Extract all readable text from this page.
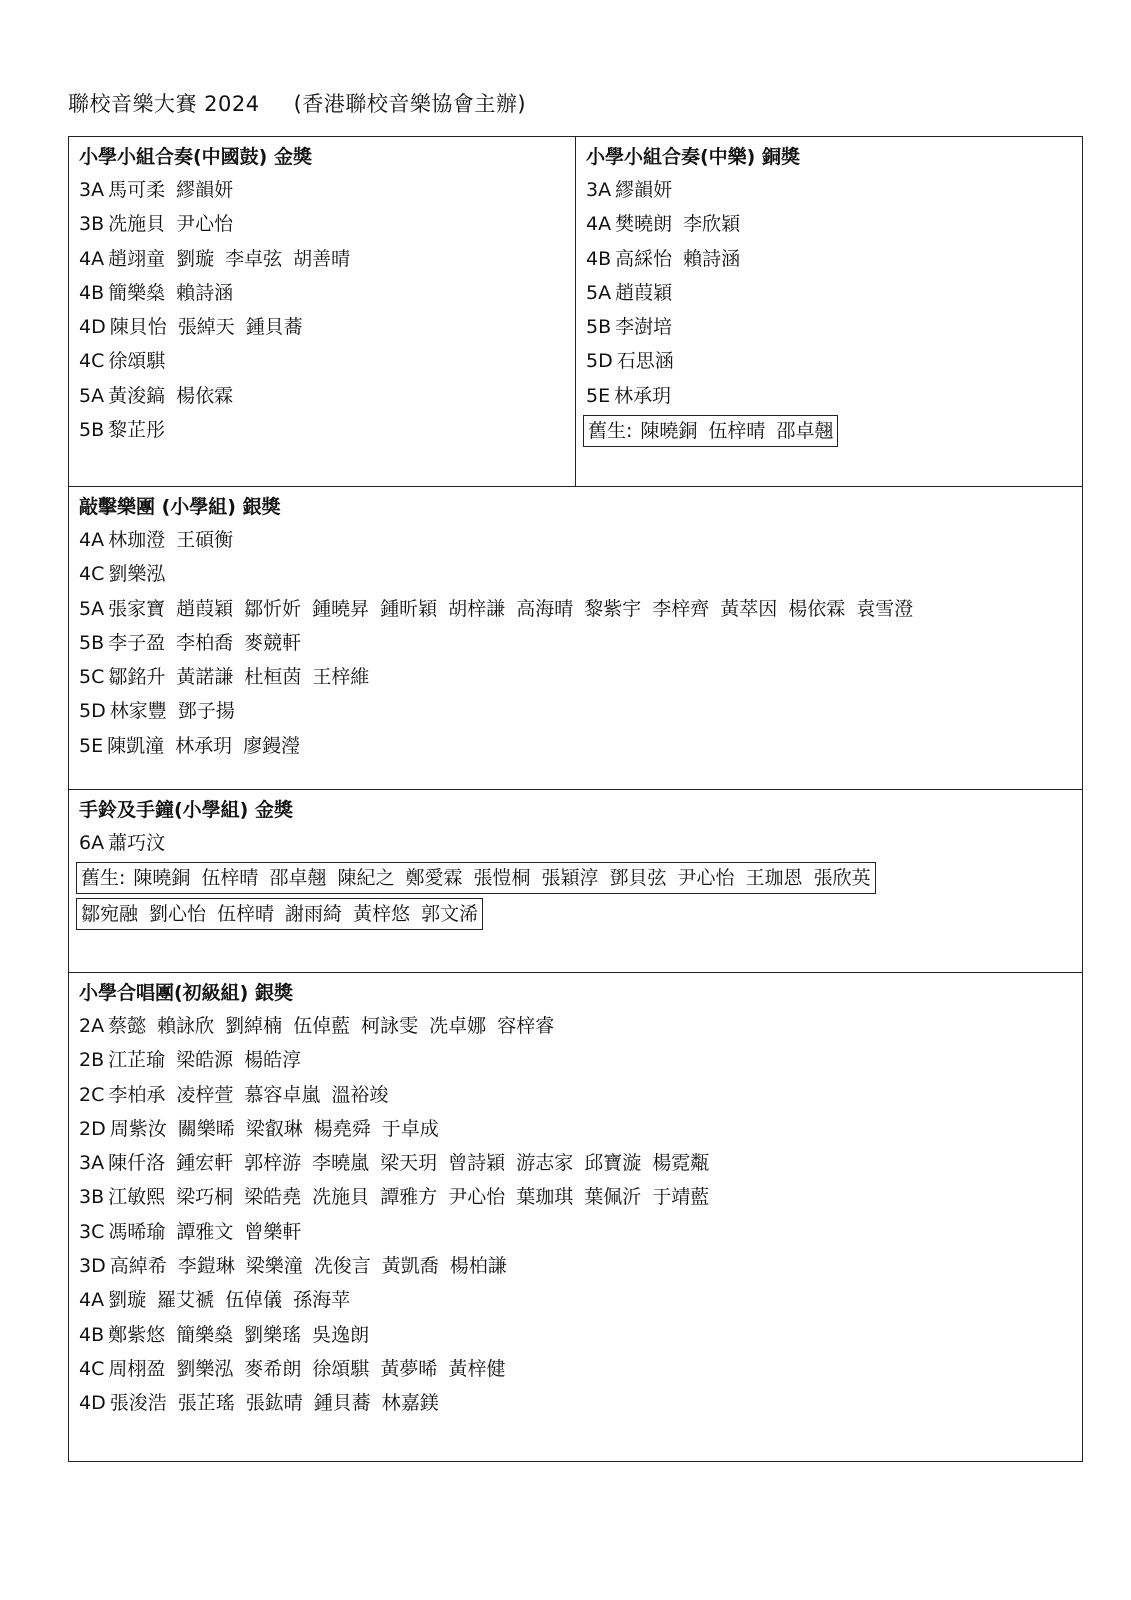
聯校音樂大賽 2024 (香港聯校音樂協會主辦)
小學小組合奏(中國鼓) 金獎
3A 馬可柔 繆韻妍
3B 冼施貝 尹心怡
4A 趙翊童 劉璇 李卓弦 胡善晴
4B 簡樂燊 賴詩涵
4D 陳貝怡 張綽天 鍾貝蕎
4C 徐頌騏
5A 黃浚鎬 楊依霖
5B 黎芷彤

小學小組合奏(中樂) 銅獎
3A 繆韻妍
4A 樊曉朗 李欣穎
4B 高綵怡 賴詩涵
5A 趙葭穎
5B 李澍培
5D 石思涵
5E 林承玥
舊生: 陳曉銅 伍梓晴 邵卓翹

敲擊樂團 (小學組) 銀獎
4A 林珈澄 王碩衡
4C 劉樂泓
5A 張家寶 趙葭穎 鄒忻妡 鍾曉昇 鍾昕穎 胡梓謙 高海晴 黎紫宇 李梓齊 黃萃因 楊依霖 袁雪澄
5B 李子盈 李柏喬 麥競軒
5C 鄒銘升 黃諾謙 杜桓茵 王梓維
5D 林家豐 鄧子揚
5E 陳凱潼 林承玥 廖鏝瀅

手鈴及手鐘(小學組) 金獎
6A 蕭巧汶
舊生: 陳曉銅 伍梓晴 邵卓翹 陳紀之 鄭愛霖 張愷桐 張穎淳 鄧貝弦 尹心怡 王珈恩 張欣英
鄒宛融 劉心怡 伍梓晴 謝雨綺 黃梓悠 郭文浠

小學合唱團(初級組) 銀獎
2A 蔡懿 賴詠欣 劉綽楠 伍倬藍 柯詠雯 冼卓娜 容梓睿
2B 江芷瑜 梁皓源 楊皓淳
2C 李柏承 凌梓萱 慕容卓嵐 溫裕竣
2D 周紫汝 關樂晞 梁叡琳 楊堯舜 于卓成
3A 陳仟洛 鍾宏軒 郭梓游 李曉嵐 梁天玥 曾詩穎 游志家 邱寶漩 楊霓甐
3B 江敏熙 梁巧桐 梁皓堯 冼施貝 譚雅方 尹心怡 葉珈琪 葉佩沂 于靖藍
3C 馮晞瑜 譚雅文 曾樂軒
3D 高綽希 李鎧琳 梁樂潼 冼俊言 黃凱喬 楊柏謙
4A 劉璇 羅艾禠 伍倬儀 孫海苹
4B 鄭紫悠 簡樂燊 劉樂瑤 吳逸朗
4C 周栩盈 劉樂泓 麥希朗 徐頌騏 黃夢晞 黃梓健
4D 張浚浩 張芷瑤 張鈜晴 鍾貝蕎 林嘉鎂
